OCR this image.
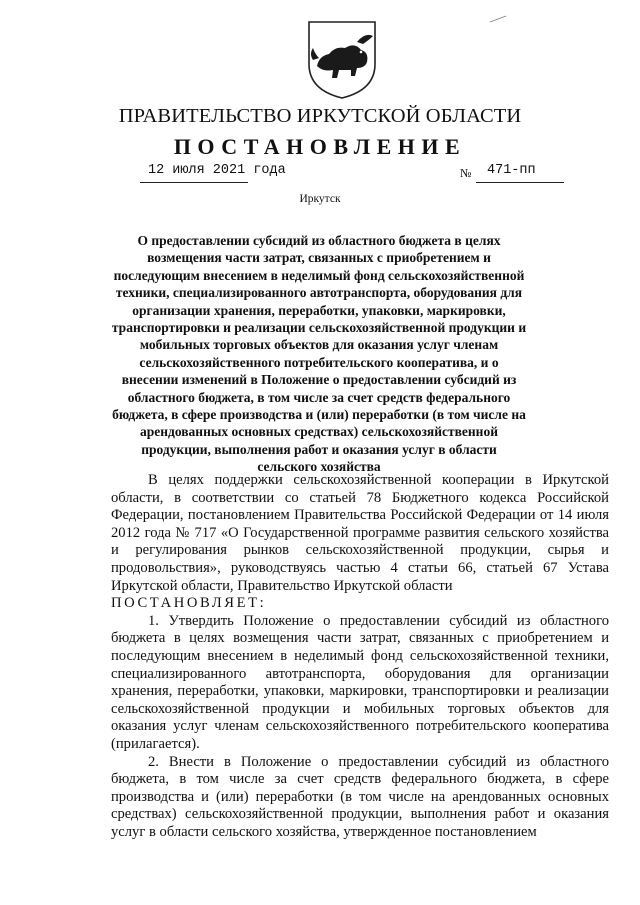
ПРАВИТЕЛЬСТВО ИРКУТСКОЙ ОБЛАСТИ
ПОСТАНОВЛЕНИЕ
12 июля 2021 года	№ 471-пп
Иркутск
О предоставлении субсидий из областного бюджета в целях возмещения части затрат, связанных с приобретением и последующим внесением в неделимый фонд сельскохозяйственной техники, специализированного автотранспорта, оборудования для организации хранения, переработки, упаковки, маркировки, транспортировки и реализации сельскохозяйственной продукции и мобильных торговых объектов для оказания услуг членам сельскохозяйственного потребительского кооператива, и о внесении изменений в Положение о предоставлении субсидий из областного бюджета, в том числе за счет средств федерального бюджета, в сфере производства и (или) переработки (в том числе на арендованных основных средствах) сельскохозяйственной продукции, выполнения работ и оказания услуг в области сельского хозяйства

В целях поддержки сельскохозяйственной кооперации в Иркутской области, в соответствии со статьей 78 Бюджетного кодекса Российской Федерации, постановлением Правительства Российской Федерации от 14 июля 2012 года № 717 «О Государственной программе развития сельского хозяйства и регулирования рынков сельскохозяйственной продукции, сырья и продовольствия», руководствуясь частью 4 статьи 66, статьей 67 Устава Иркутской области, Правительство Иркутской области

ПОСТАНОВЛЯЕТ:

1. Утвердить Положение о предоставлении субсидий из областного бюджета в целях возмещения части затрат, связанных с приобретением и последующим внесением в неделимый фонд сельскохозяйственной техники, специализированного автотранспорта, оборудования для организации хранения, переработки, упаковки, маркировки, транспортировки и реализации сельскохозяйственной продукции и мобильных торговых объектов для оказания услуг членам сельскохозяйственного потребительского кооператива (прилагается).

2. Внести в Положение о предоставлении субсидий из областного бюджета, в том числе за счет средств федерального бюджета, в сфере производства и (или) переработки (в том числе на арендованных основных средствах) сельскохозяйственной продукции, выполнения работ и оказания услуг в области сельского хозяйства, утвержденное постановлением
